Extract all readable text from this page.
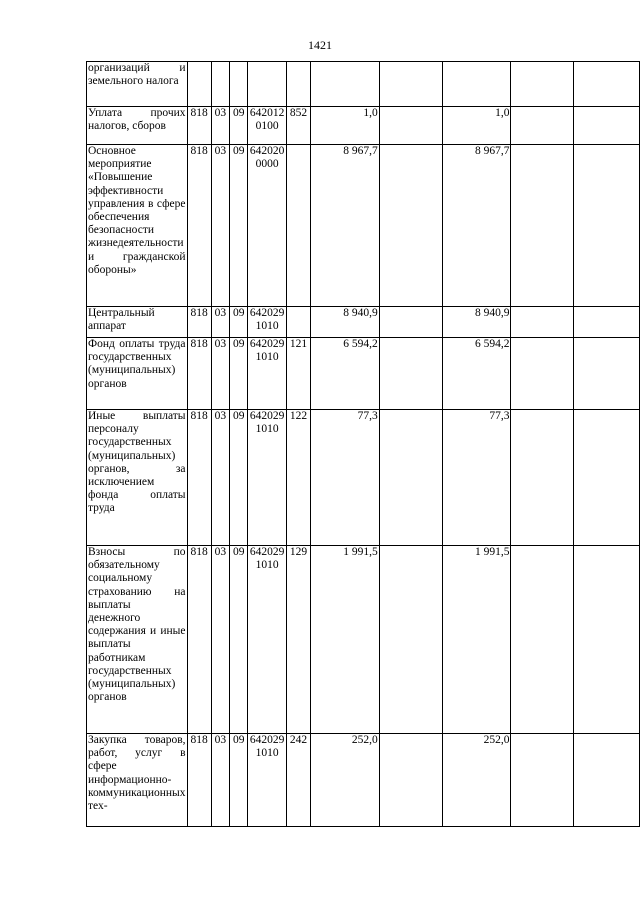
1421
организаций и земельного налога										
Уплата прочих налогов, сборов	818	03	09	6420120100	852	1,0		1,0		
Основное мероприятие «Повышение эффективности управления в сфере обеспечения безопасности жизнедеятельности и гражданской обороны»	818	03	09	6420200000		8 967,7		8 967,7		
Центральный аппарат	818	03	09	6420291010		8 940,9		8 940,9		
Фонд оплаты труда государственных (муниципальных) органов	818	03	09	6420291010	121	6 594,2		6 594,2		
Иные выплаты персоналу государственных (муниципальных) органов, за исключением фонда оплаты труда	818	03	09	6420291010	122	77,3		77,3		
Взносы по обязательному социальному страхованию на выплаты денежного содержания и иные выплаты работникам государственных (муниципальных) органов	818	03	09	6420291010	129	1 991,5		1 991,5		
Закупка товаров, работ, услуг в сфере информационно-коммуникационных тех-	818	03	09	6420291010	242	252,0		252,0		
